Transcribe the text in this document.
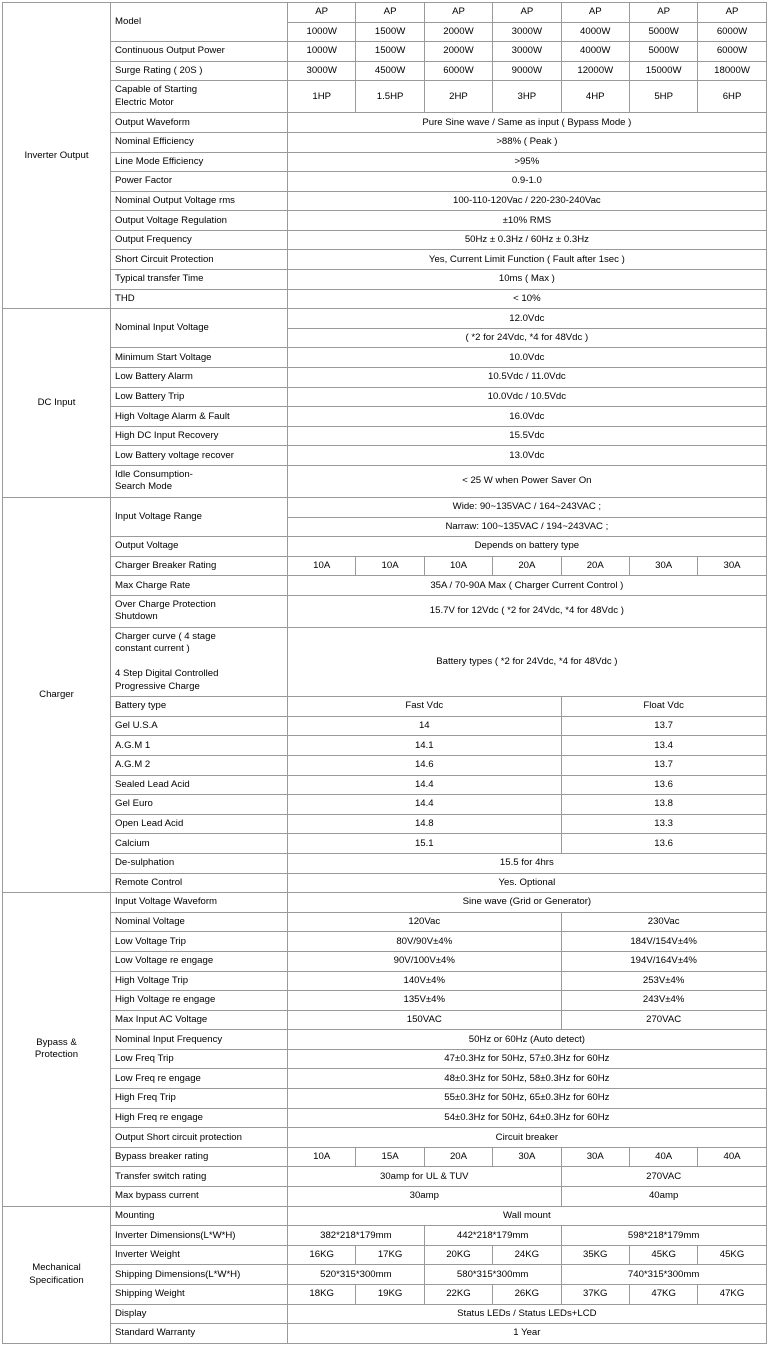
Inverter Output	Model	AP	AP	AP	AP	AP	AP	AP
		1000W	1500W	2000W	3000W	4000W	5000W	6000W
	Continuous Output Power	1000W	1500W	2000W	3000W	4000W	5000W	6000W
	Surge Rating ( 20S )	3000W	4500W	6000W	9000W	12000W	15000W	18000W
	Capable of Starting
Electric Motor	1HP	1.5HP	2HP	3HP	4HP	5HP	6HP
	Output Waveform	Pure Sine wave / Same as input ( Bypass Mode )						
	Nominal Efficiency	>88% ( Peak )						
	Line Mode Efficiency	>95%						
	Power Factor	0.9-1.0						
	Nominal Output Voltage rms	100-110-120Vac / 220-230-240Vac						
	Output Voltage Regulation	±10% RMS						
	Output Frequency	50Hz ± 0.3Hz / 60Hz ± 0.3Hz						
	Short Circuit Protection	Yes, Current Limit Function ( Fault after 1sec )						
	Typical transfer Time	10ms ( Max )						
	THD	< 10%						
DC Input	Nominal Input Voltage	12.0Vdc						
		( *2 for 24Vdc, *4 for 48Vdc )						
	Minimum Start Voltage	10.0Vdc						
	Low Battery Alarm	10.5Vdc / 11.0Vdc						
	Low Battery Trip	10.0Vdc / 10.5Vdc						
	High Voltage Alarm & Fault	16.0Vdc						
	High DC Input Recovery	15.5Vdc						
	Low Battery voltage recover	13.0Vdc						
	Idle Consumption-
Search Mode	< 25 W when Power Saver On						
Charger	Input Voltage Range	Wide: 90~135VAC / 164~243VAC ;						
		Narraw: 100~135VAC / 194~243VAC ;						
	Output Voltage	Depends on battery type						
	Charger Breaker Rating	10A	10A	10A	20A	20A	30A	30A
	Max Charge Rate	35A / 70-90A Max ( Charger Current Control )						
	Over Charge Protection
Shutdown	15.7V for 12Vdc ( *2 for 24Vdc, *4 for 48Vdc )						
	Charger curve ( 4 stage
constant current )

4 Step Digital Controlled
Progressive Charge	Battery types ( *2 for 24Vdc, *4 for 48Vdc )						
	Battery type	Fast Vdc				Float Vdc		
	Gel U.S.A	14				13.7		
	A.G.M 1	14.1				13.4		
	A.G.M 2	14.6				13.7		
	Sealed Lead Acid	14.4				13.6		
	Gel Euro	14.4				13.8		
	Open Lead Acid	14.8				13.3		
	Calcium	15.1				13.6		
	De-sulphation	15.5 for 4hrs						
	Remote Control	Yes. Optional						
Bypass &
Protection	Input Voltage Waveform	Sine wave (Grid or Generator)						
	Nominal Voltage	120Vac				230Vac		
	Low Voltage Trip	80V/90V±4%				184V/154V±4%		
	Low Voltage re engage	90V/100V±4%				194V/164V±4%		
	High Voltage Trip	140V±4%				253V±4%		
	High Voltage re engage	135V±4%				243V±4%		
	Max Input AC Voltage	150VAC				270VAC		
	Nominal Input Frequency	50Hz or 60Hz (Auto detect)						
	Low Freq Trip	47±0.3Hz for 50Hz, 57±0.3Hz for 60Hz						
	Low Freq re engage	48±0.3Hz for 50Hz, 58±0.3Hz for 60Hz						
	High Freq Trip	55±0.3Hz for 50Hz, 65±0.3Hz for 60Hz						
	High Freq re engage	54±0.3Hz for 50Hz, 64±0.3Hz for 60Hz						
	Output Short circuit protection	Circuit breaker						
	Bypass breaker rating	10A	15A	20A	30A	30A	40A	40A
	Transfer switch rating	30amp for UL & TUV				270VAC		
	Max bypass current	30amp				40amp		
Mechanical
Specification	Mounting	Wall mount						
	Inverter Dimensions(L*W*H)	382*218*179mm		442*218*179mm		598*218*179mm		
	Inverter Weight	16KG	17KG	20KG	24KG	35KG	45KG	45KG
	Shipping Dimensions(L*W*H)	520*315*300mm		580*315*300mm		740*315*300mm		
	Shipping Weight	18KG	19KG	22KG	26KG	37KG	47KG	47KG
	Display	Status LEDs / Status LEDs+LCD						
	Standard Warranty	1 Year						
